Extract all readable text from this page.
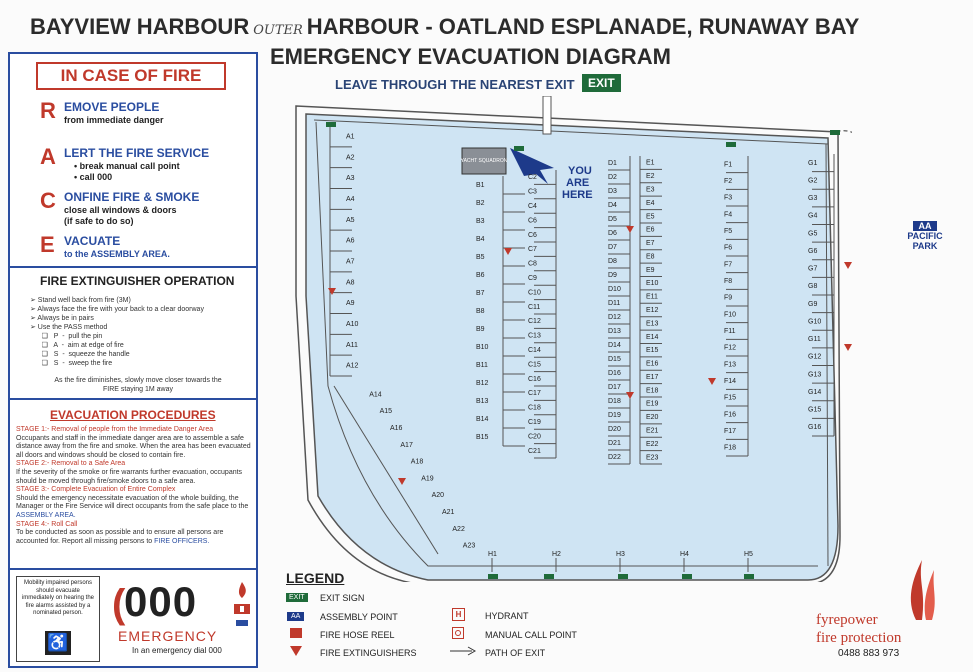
BAYVIEW HARBOUR OUTER HARBOUR - OATLAND ESPLANADE, RUNAWAY BAY
EMERGENCY EVACUATION DIAGRAM
LEAVE THROUGH THE NEAREST EXIT	EXIT
IN CASE OF FIRE
R EMOVE PEOPLE
from immediate danger
A LERT THE FIRE SERVICE
• break manual call point
• call 000
C ONFINE FIRE & SMOKE
close all windows & doors
(if safe to do so)
E VACUATE
to the ASSEMBLY AREA.
FIRE EXTINGUISHER OPERATION
➢ Stand well back from fire (3M)
➢ Always face the fire with your back to a clear doorway
➢ Always be in pairs
➢ Use the PASS method
❑   P  -  pull the pin
❑   A  -  aim at edge of fire
❑   S  -  squeeze the handle
❑   S  -  sweep the fire
As the fire diminishes, slowly move closer towards the FIRE staying 1M away
EVACUATION PROCEDURES
STAGE 1:- Removal of people from the Immediate Danger Area
Occupants and staff in the immediate danger area are to assemble a safe distance away from the fire and smoke. When the area has been evacuated all doors and windows should be closed to contain fire.
STAGE 2:- Removal to a Safe Area
If the severity of the smoke or fire warrants further evacuation, occupants should be moved through fire/smoke doors to a safe area.
STAGE 3:- Complete Evacuation of Entire Complex
Should the emergency necessitate evacuation of the whole building, the Manager or the Fire Service will direct occupants from the safe place to the ASSEMBLY AREA.
STAGE 4:- Roll Call
To be conducted as soon as possible and to ensure all persons are accounted for. Report all missing persons to FIRE OFFICERS.
Mobility impaired persons should evacuate immediately on hearing the fire alarms assisted by a nominated person.
♿
(
000
EMERGENCY
In an emergency dial 000
A1
A2
A3
A4
A5
A6
A7
A8
A9
A10
A11
A12
B1
B2
B3
B4
B5
B6
B7
B8
B9
B10
B11
B12
B13
B14
B15
C2
C3
C4
C6
C6
C7
C8
C9
C10
C11
C12
C13
C14
C15
C16
C17
C18
C19
C20
C21
D1
D2
D3
D4
D5
D6
D7
D8
D9
D10
D11
D12
D13
D14
D15
D16
D17
D18
D19
D20
D21
D22
E1
E2
E3
E4
E5
E6
E7
E8
E9
E10
E11
E12
E13
E14
E15
E16
E17
E18
E19
E20
E21
E22
E23
F1
F2
F3
F4
F5
F6
F7
F8
F9
F10
F11
F12
F13
F14
F15
F16
F17
F18
G1
G2
G3
G4
G5
G6
G7
G8
G9
G10
G11
G12
G13
G14
G15
G16
A14
A15
A16
A17
A18
A19
A20
A21
A22
A23
H1	H2	H3	H4	H5
YOU ARE HERE
YACHT SQUADRON
AA
PACIFIC
PARK
LEGEND
EXIT	EXIT SIGN
AA	ASSEMBLY POINT
FIRE HOSE REEL
FIRE EXTINGUISHERS
H	HYDRANT
MANUAL CALL POINT
PATH OF EXIT
fyrepower
fire protection
0488 883 973
